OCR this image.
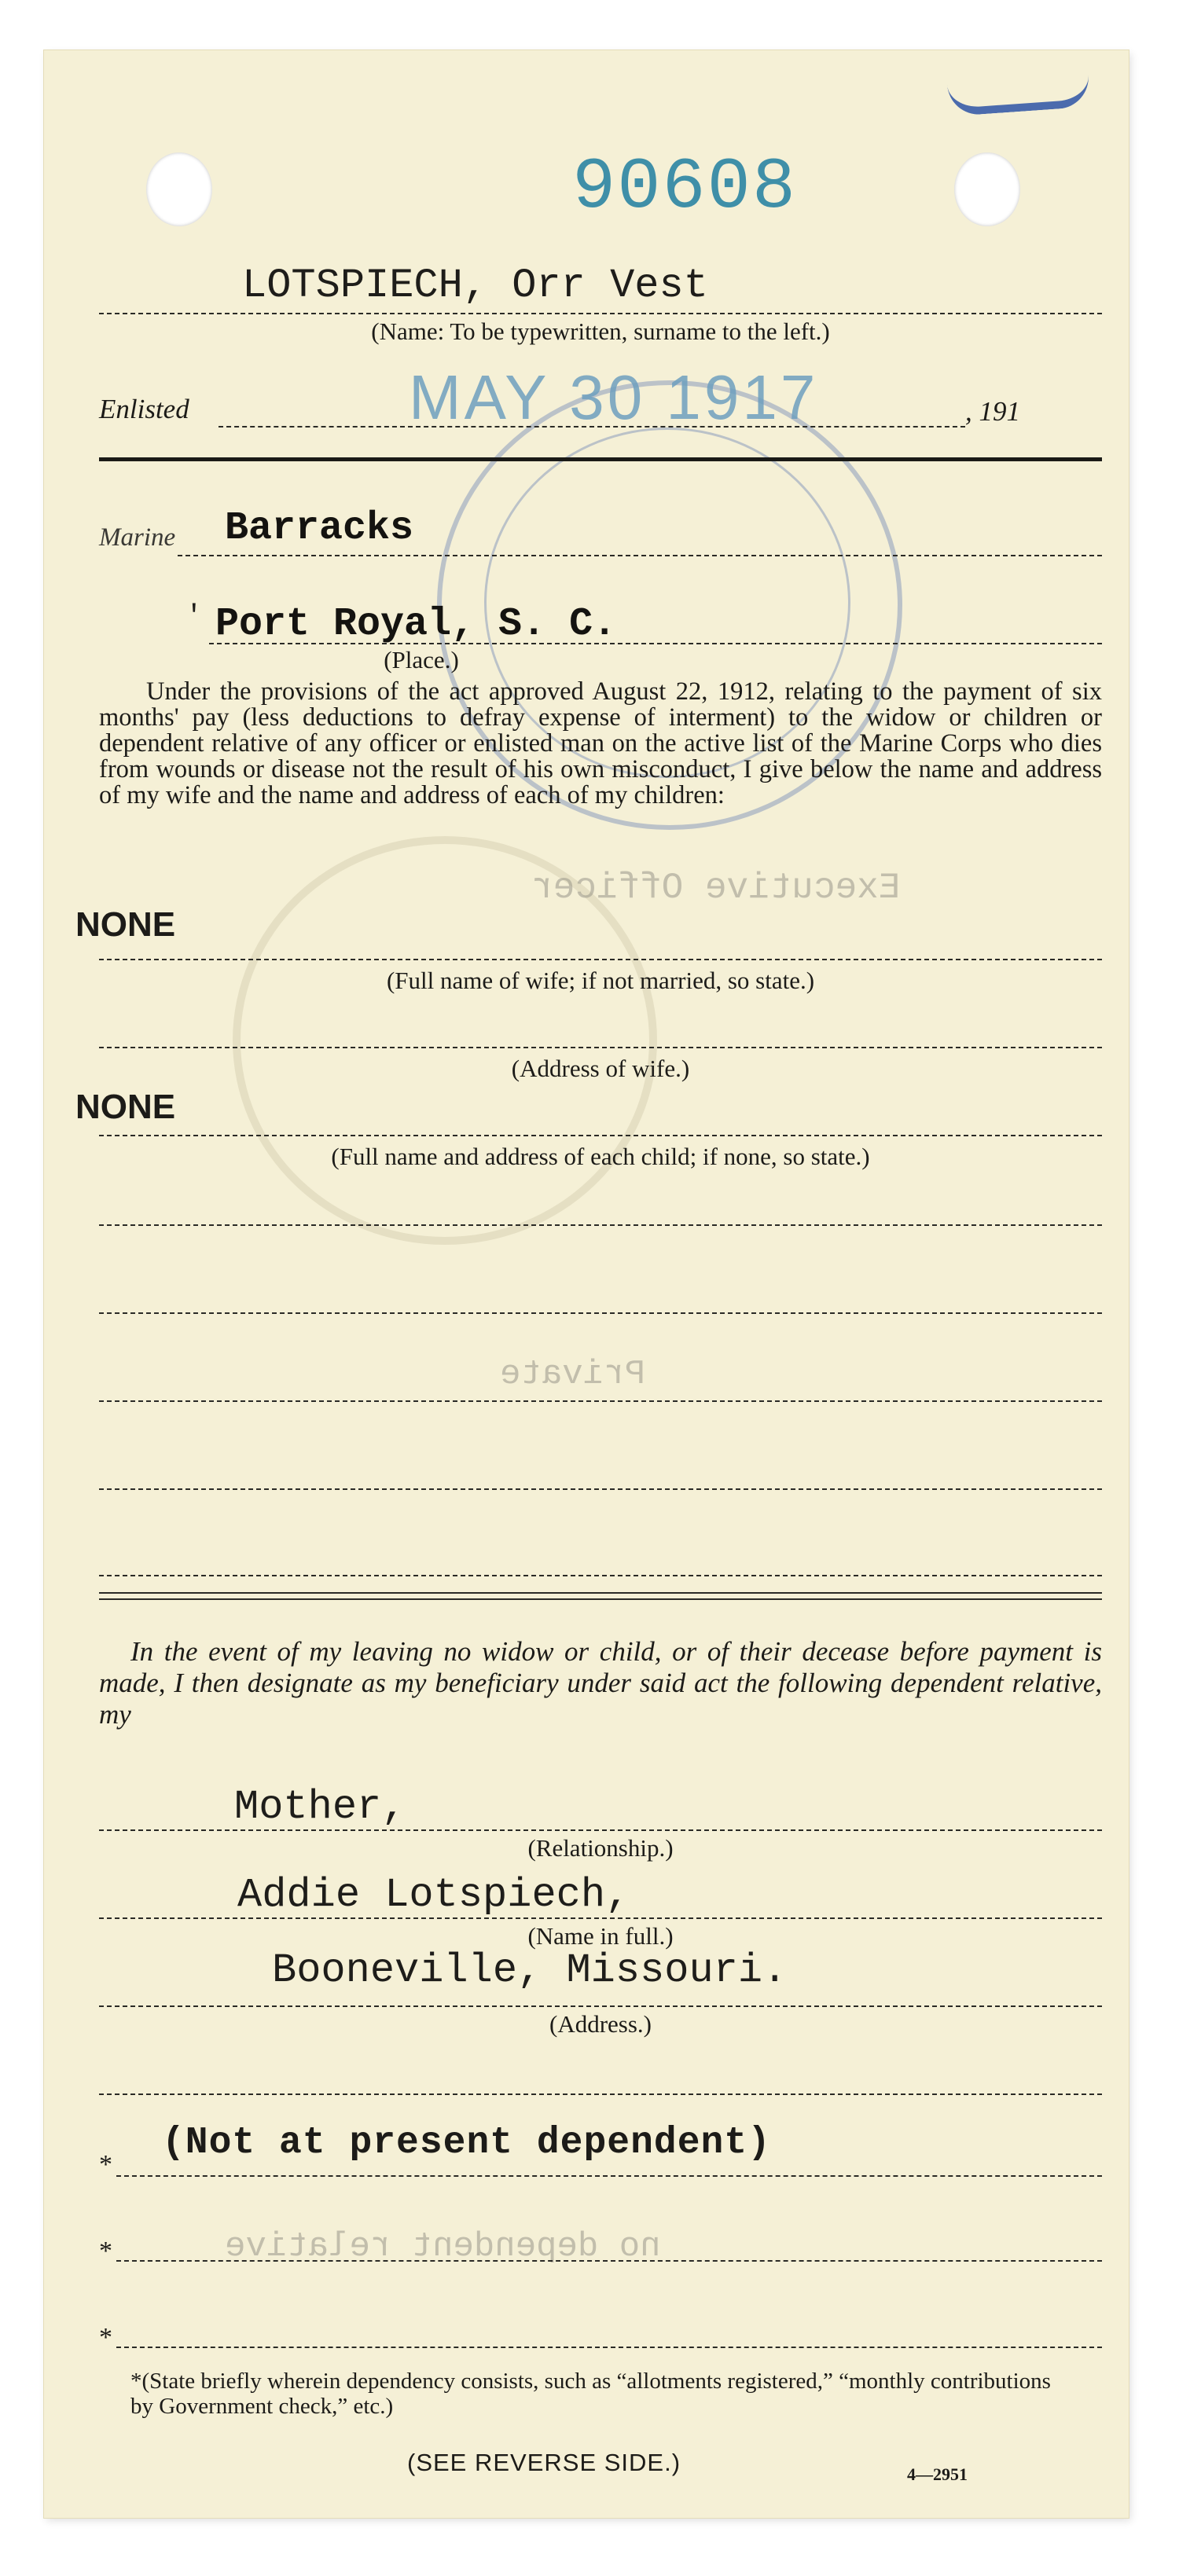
90608
LOTSPIECH, Orr Vest
(Name: To be typewritten, surname to the left.)
Enlisted	MAY 30 1917	, 191
Marine Barracks
' Port Royal, S. C.
(Place.)
Under the provisions of the act approved August 22, 1912, relating to the payment of six months' pay (less deductions to defray expense of interment) to the widow or children or dependent relative of any officer or enlisted man on the active list of the Marine Corps who dies from wounds or disease not the result of his own misconduct, I give below the name and address of my wife and the name and address of each of my children:
Executive Officer
Private
no dependent relative
NONE
(Full name of wife; if not married, so state.)
(Address of wife.)
NONE
(Full name and address of each child; if none, so state.)
In the event of my leaving no widow or child, or of their decease before payment is made, I then designate as my beneficiary under said act the following dependent relative, my
Mother,
(Relationship.)
Addie Lotspiech,
(Name in full.)
Booneville, Missouri.
(Address.)
*
(Not at present dependent)
*
*
*(State briefly wherein dependency consists, such as “allotments registered,” “monthly contributions by Government check,” etc.)
(SEE REVERSE SIDE.)	4—2951
